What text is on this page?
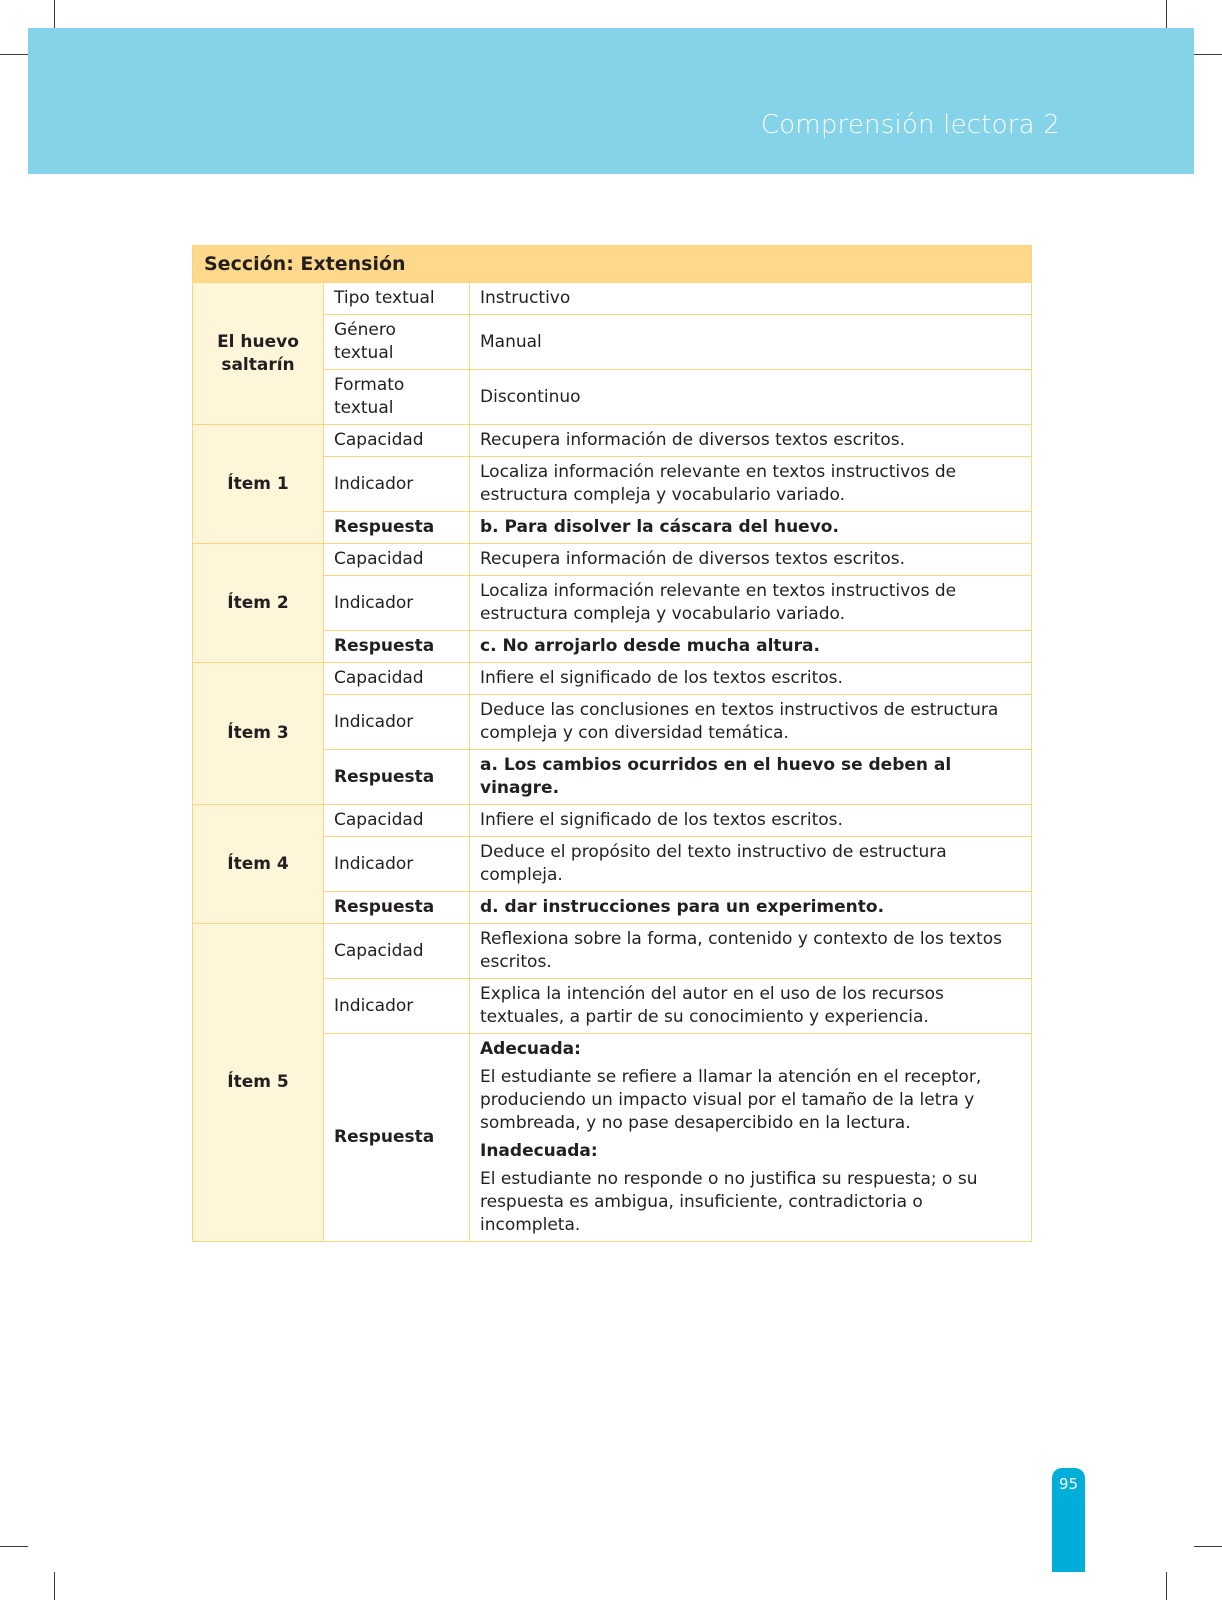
Comprensión lectora 2
Sección: Extensión		
El huevo saltarín	Tipo textual	Instructivo
	Género textual	Manual
	Formato textual	Discontinuo
Ítem 1	Capacidad	Recupera información de diversos textos escritos.
	Indicador	Localiza información relevante en textos instructivos de estructura compleja y vocabulario variado.
	Respuesta	b. Para disolver la cáscara del huevo.
Ítem 2	Capacidad	Recupera información de diversos textos escritos.
	Indicador	Localiza información relevante en textos instructivos de estructura compleja y vocabulario variado.
	Respuesta	c. No arrojarlo desde mucha altura.
Ítem 3	Capacidad	Infiere el significado de los textos escritos.
	Indicador	Deduce las conclusiones en textos instructivos de estructura compleja y con diversidad temática.
	Respuesta	a. Los cambios ocurridos en el huevo se deben al vinagre.
Ítem 4	Capacidad	Infiere el significado de los textos escritos.
	Indicador	Deduce el propósito del texto instructivo de estructura compleja.
	Respuesta	d. dar instrucciones para un experimento.
Ítem 5	Capacidad	Reflexiona sobre la forma, contenido y contexto de los textos escritos.
	Indicador	Explica la intención del autor en el uso de los recursos textuales, a partir de su conocimiento y experiencia.
	Respuesta	Adecuada:
El estudiante se refiere a llamar la atención en el receptor, produciendo un impacto visual por el tamaño de la letra y sombreada, y no pase desapercibido en la lectura.
Inadecuada:
El estudiante no responde o no justifica su respuesta; o su respuesta es ambigua, insuficiente, contradictoria o incompleta.
95
